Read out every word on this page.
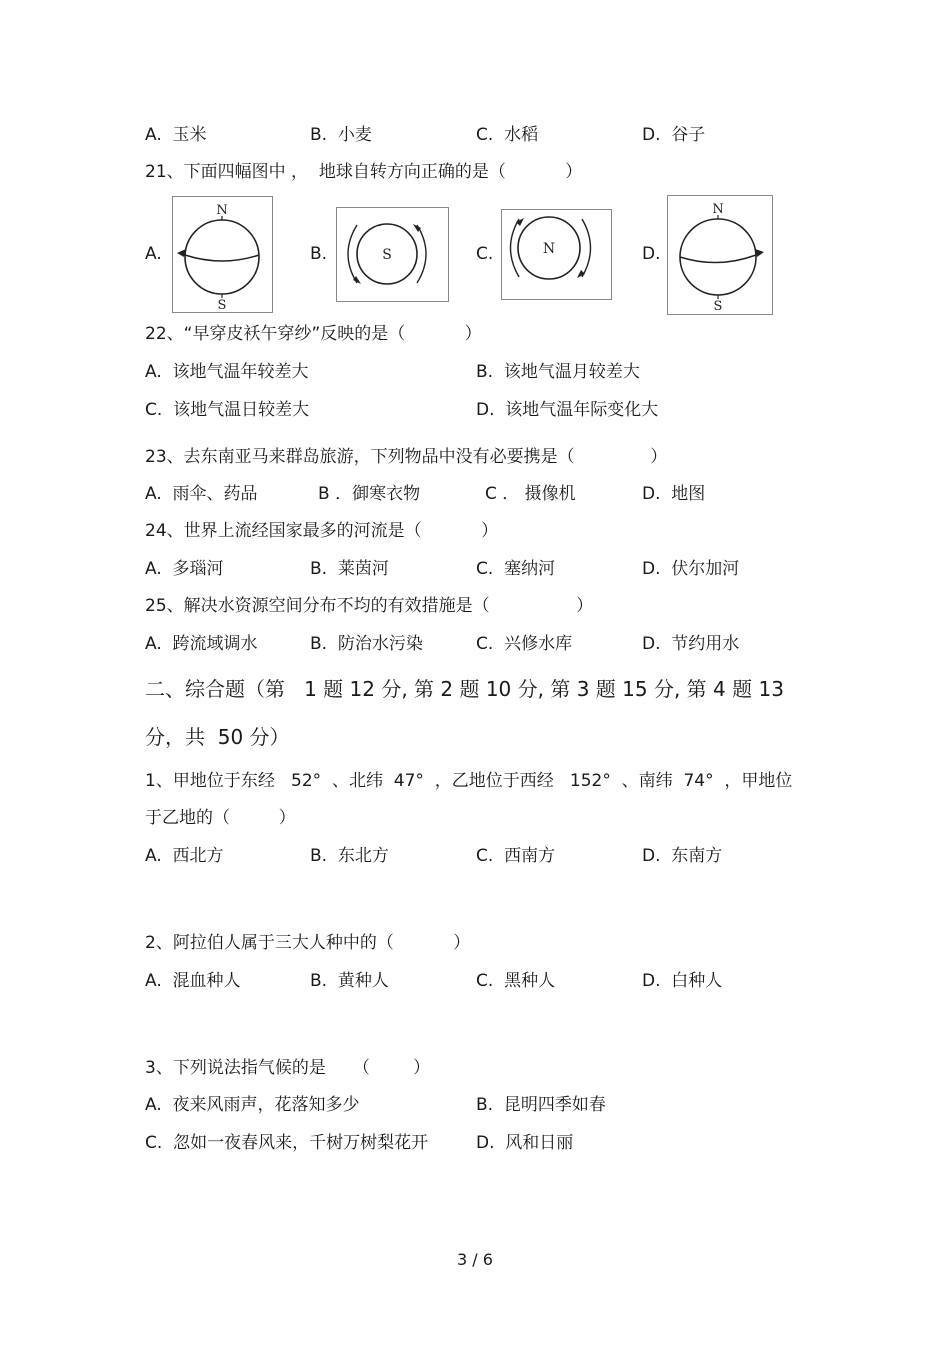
A.  玉米	B.  小麦	C.  水稻	D.  谷子
21、下面四幅图中 ，  地球自转方向正确的是（           ）
A.
N
S
B.	S	C.	N	D.
N
S
22、“早穿皮袄午穿纱”反映的是（           ）
A.  该地气温年较差大	B.  该地气温月较差大
C.  该地气温日较差大	D.  该地气温年际变化大
23、去东南亚马来群岛旅游，下列物品中没有必要携是（              ）
A.  雨伞、药品	B ．御寒衣物	C ． 摄像机	D.  地图
24、世界上流经国家最多的河流是（           ）
A.  多瑙河	B.  莱茵河	C.  塞纳河	D.  伏尔加河
25、解决水资源空间分布不均的有效措施是（                ）
A.  跨流域调水	B.  防治水污染	C.  兴修水库	D.  节约用水
二、综合题（第   1 题 12 分, 第 2 题 10 分, 第 3 题 15 分, 第 4 题 13
分，共  50 分）
1、甲地位于东经   52°  、北纬  47°  ，乙地位于西经   152°  、南纬  74°  ，甲地位
于乙地的（         ）
A.  西北方	B.  东北方	C.  西南方	D.  东南方
2、阿拉伯人属于三大人种中的（           ）
A.  混血种人	B.  黄种人	C.  黑种人	D.  白种人
3、下列说法指气候的是     （        ）
A.  夜来风雨声，花落知多少	B.  昆明四季如春
C.  忽如一夜春风来，千树万树梨花开	D.  风和日丽
3 / 6
